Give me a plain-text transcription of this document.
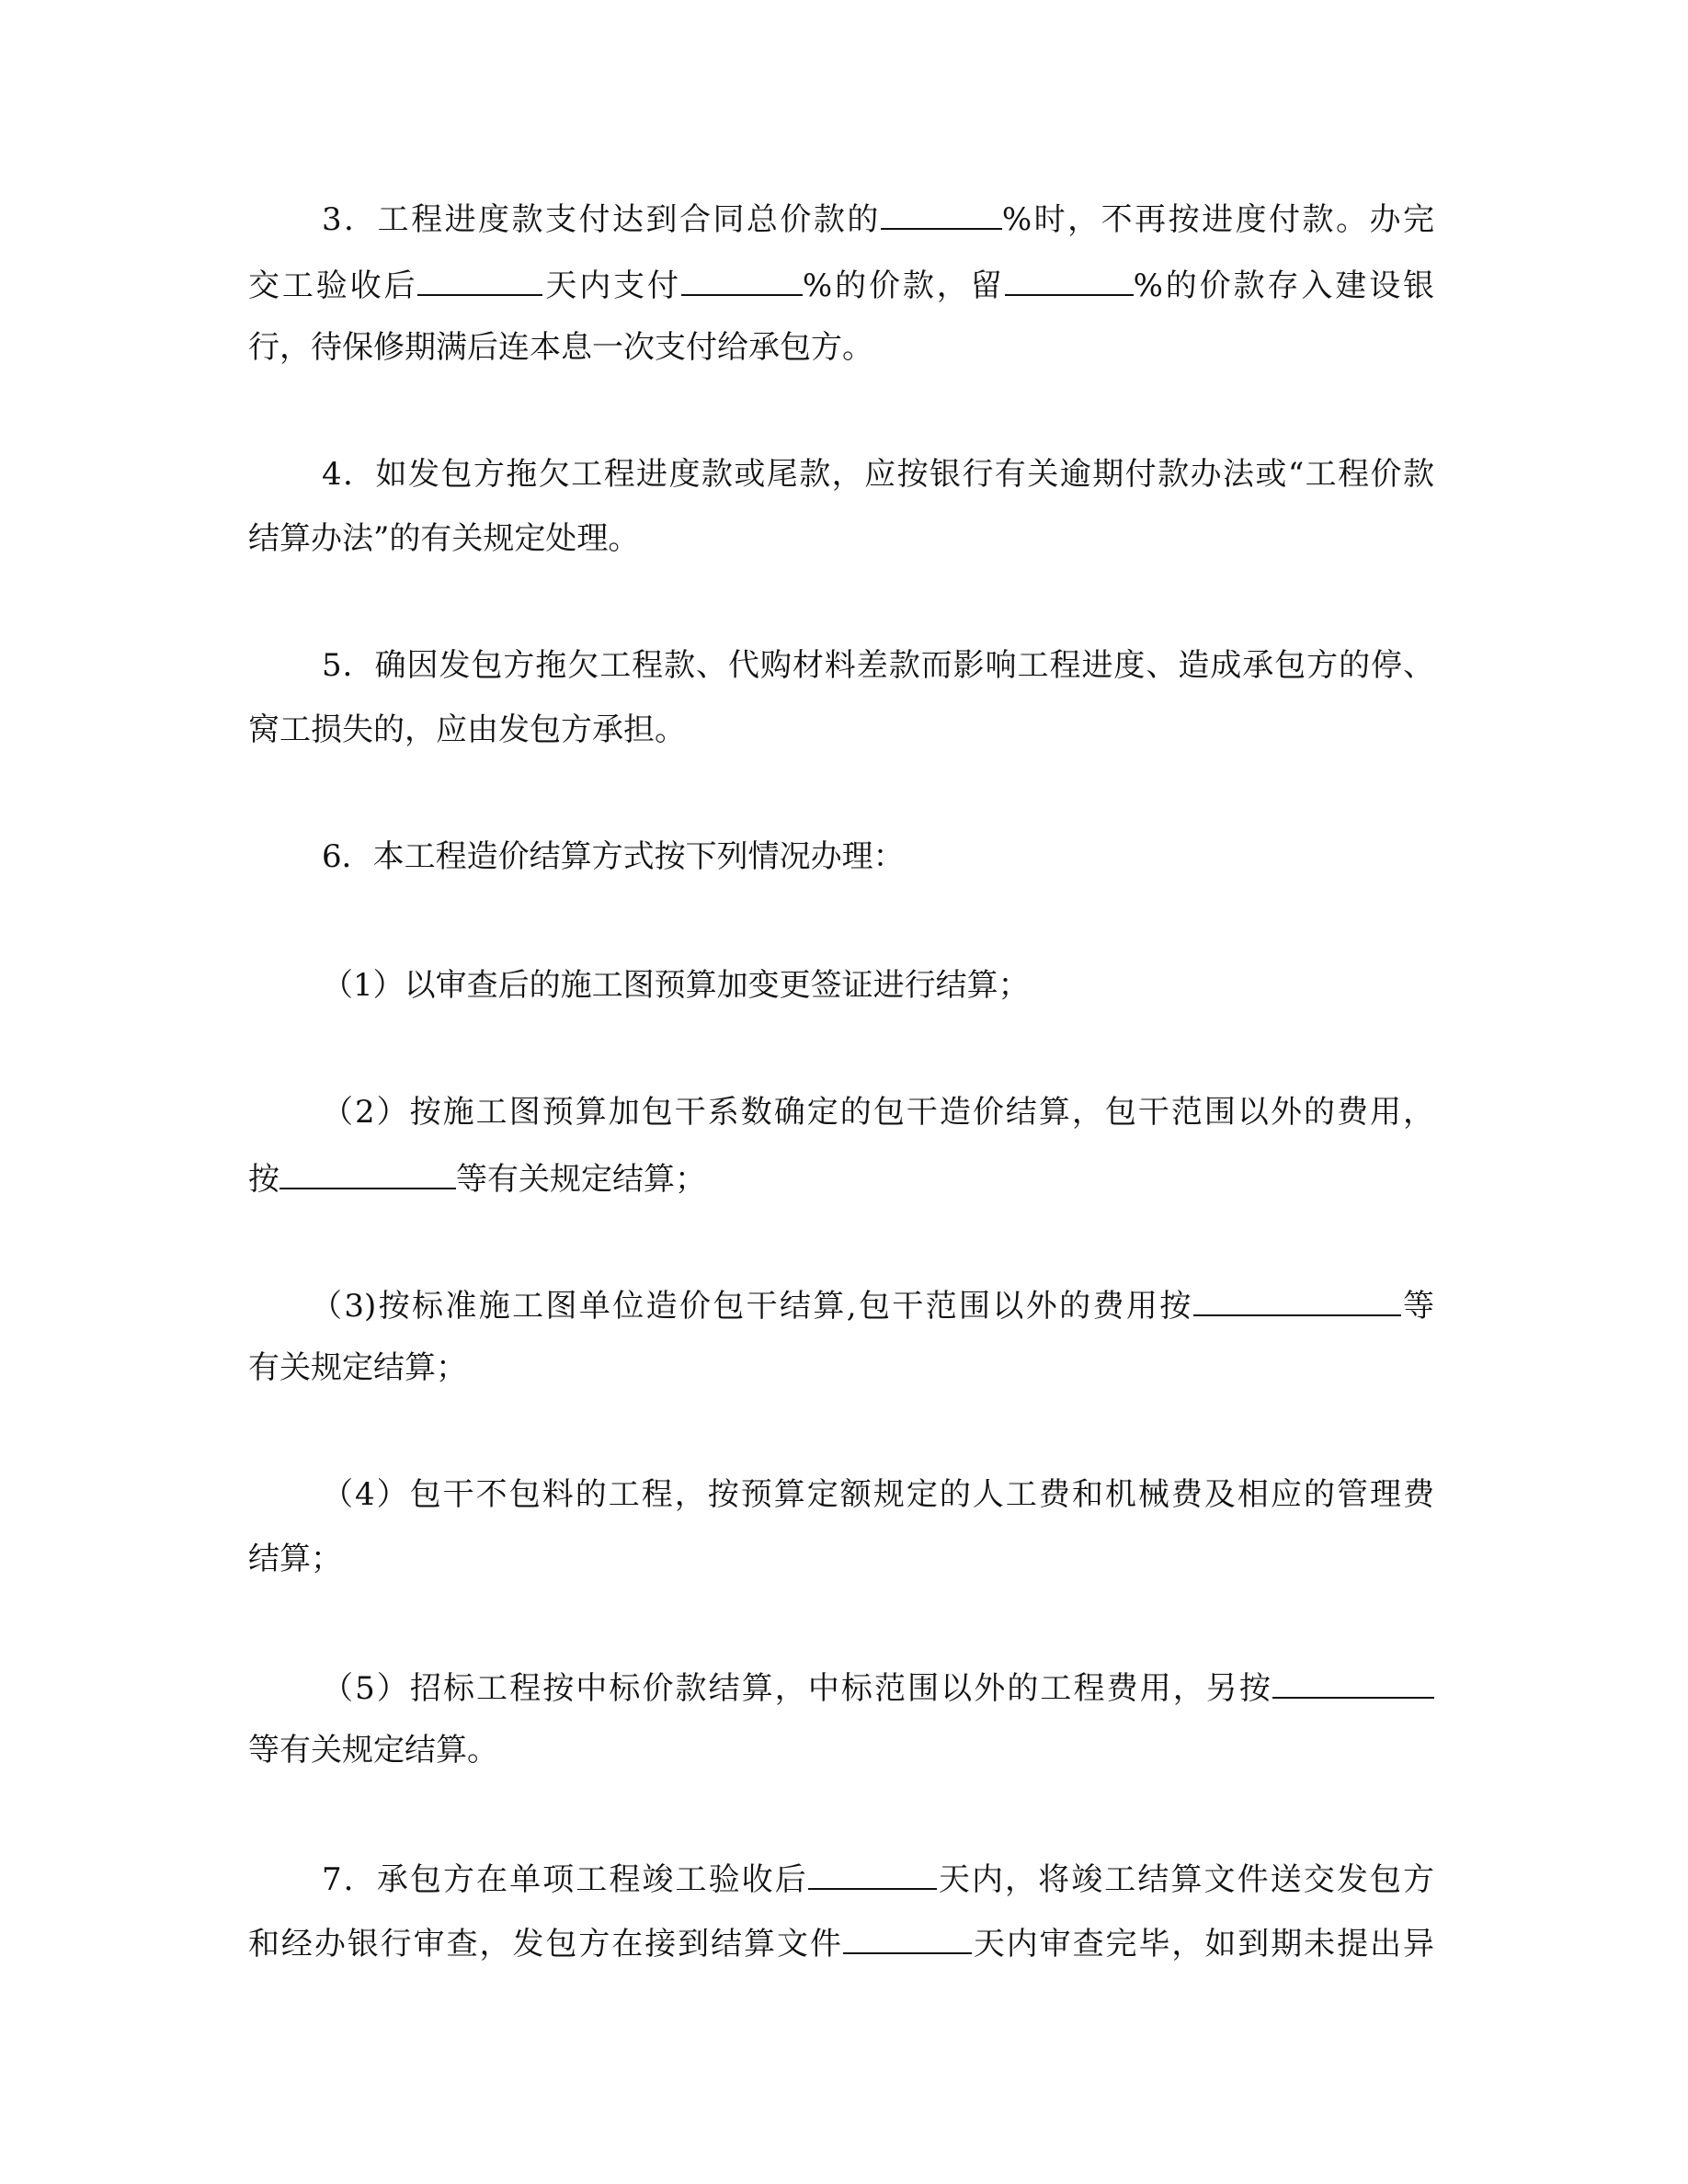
3．工程进度款支付达到合同总价款的	%时，不再按进度付款。办完
交工验收后	天内支付	%的价款，留	%的价款存入建设银
行，待保修期满后连本息一次支付给承包方。
4．如发包方拖欠工程进度款或尾款，应按银行有关逾期付款办法或“工程价款
结算办法”的有关规定处理。
5．确因发包方拖欠工程款、代购材料差款而影响工程进度、造成承包方的停、
窝工损失的，应由发包方承担。
6．本工程造价结算方式按下列情况办理：
（1）以审查后的施工图预算加变更签证进行结算；
（2）按施工图预算加包干系数确定的包干造价结算，包干范围以外的费用，
按	等有关规定结算；
（3)按标准施工图单位造价包干结算,包干范围以外的费用按	等
有关规定结算；
（4）包干不包料的工程，按预算定额规定的人工费和机械费及相应的管理费
结算；
（5）招标工程按中标价款结算，中标范围以外的工程费用，另按
等有关规定结算。
7．承包方在单项工程竣工验收后	天内，将竣工结算文件送交发包方
和经办银行审查，发包方在接到结算文件	天内审查完毕，如到期未提出异
